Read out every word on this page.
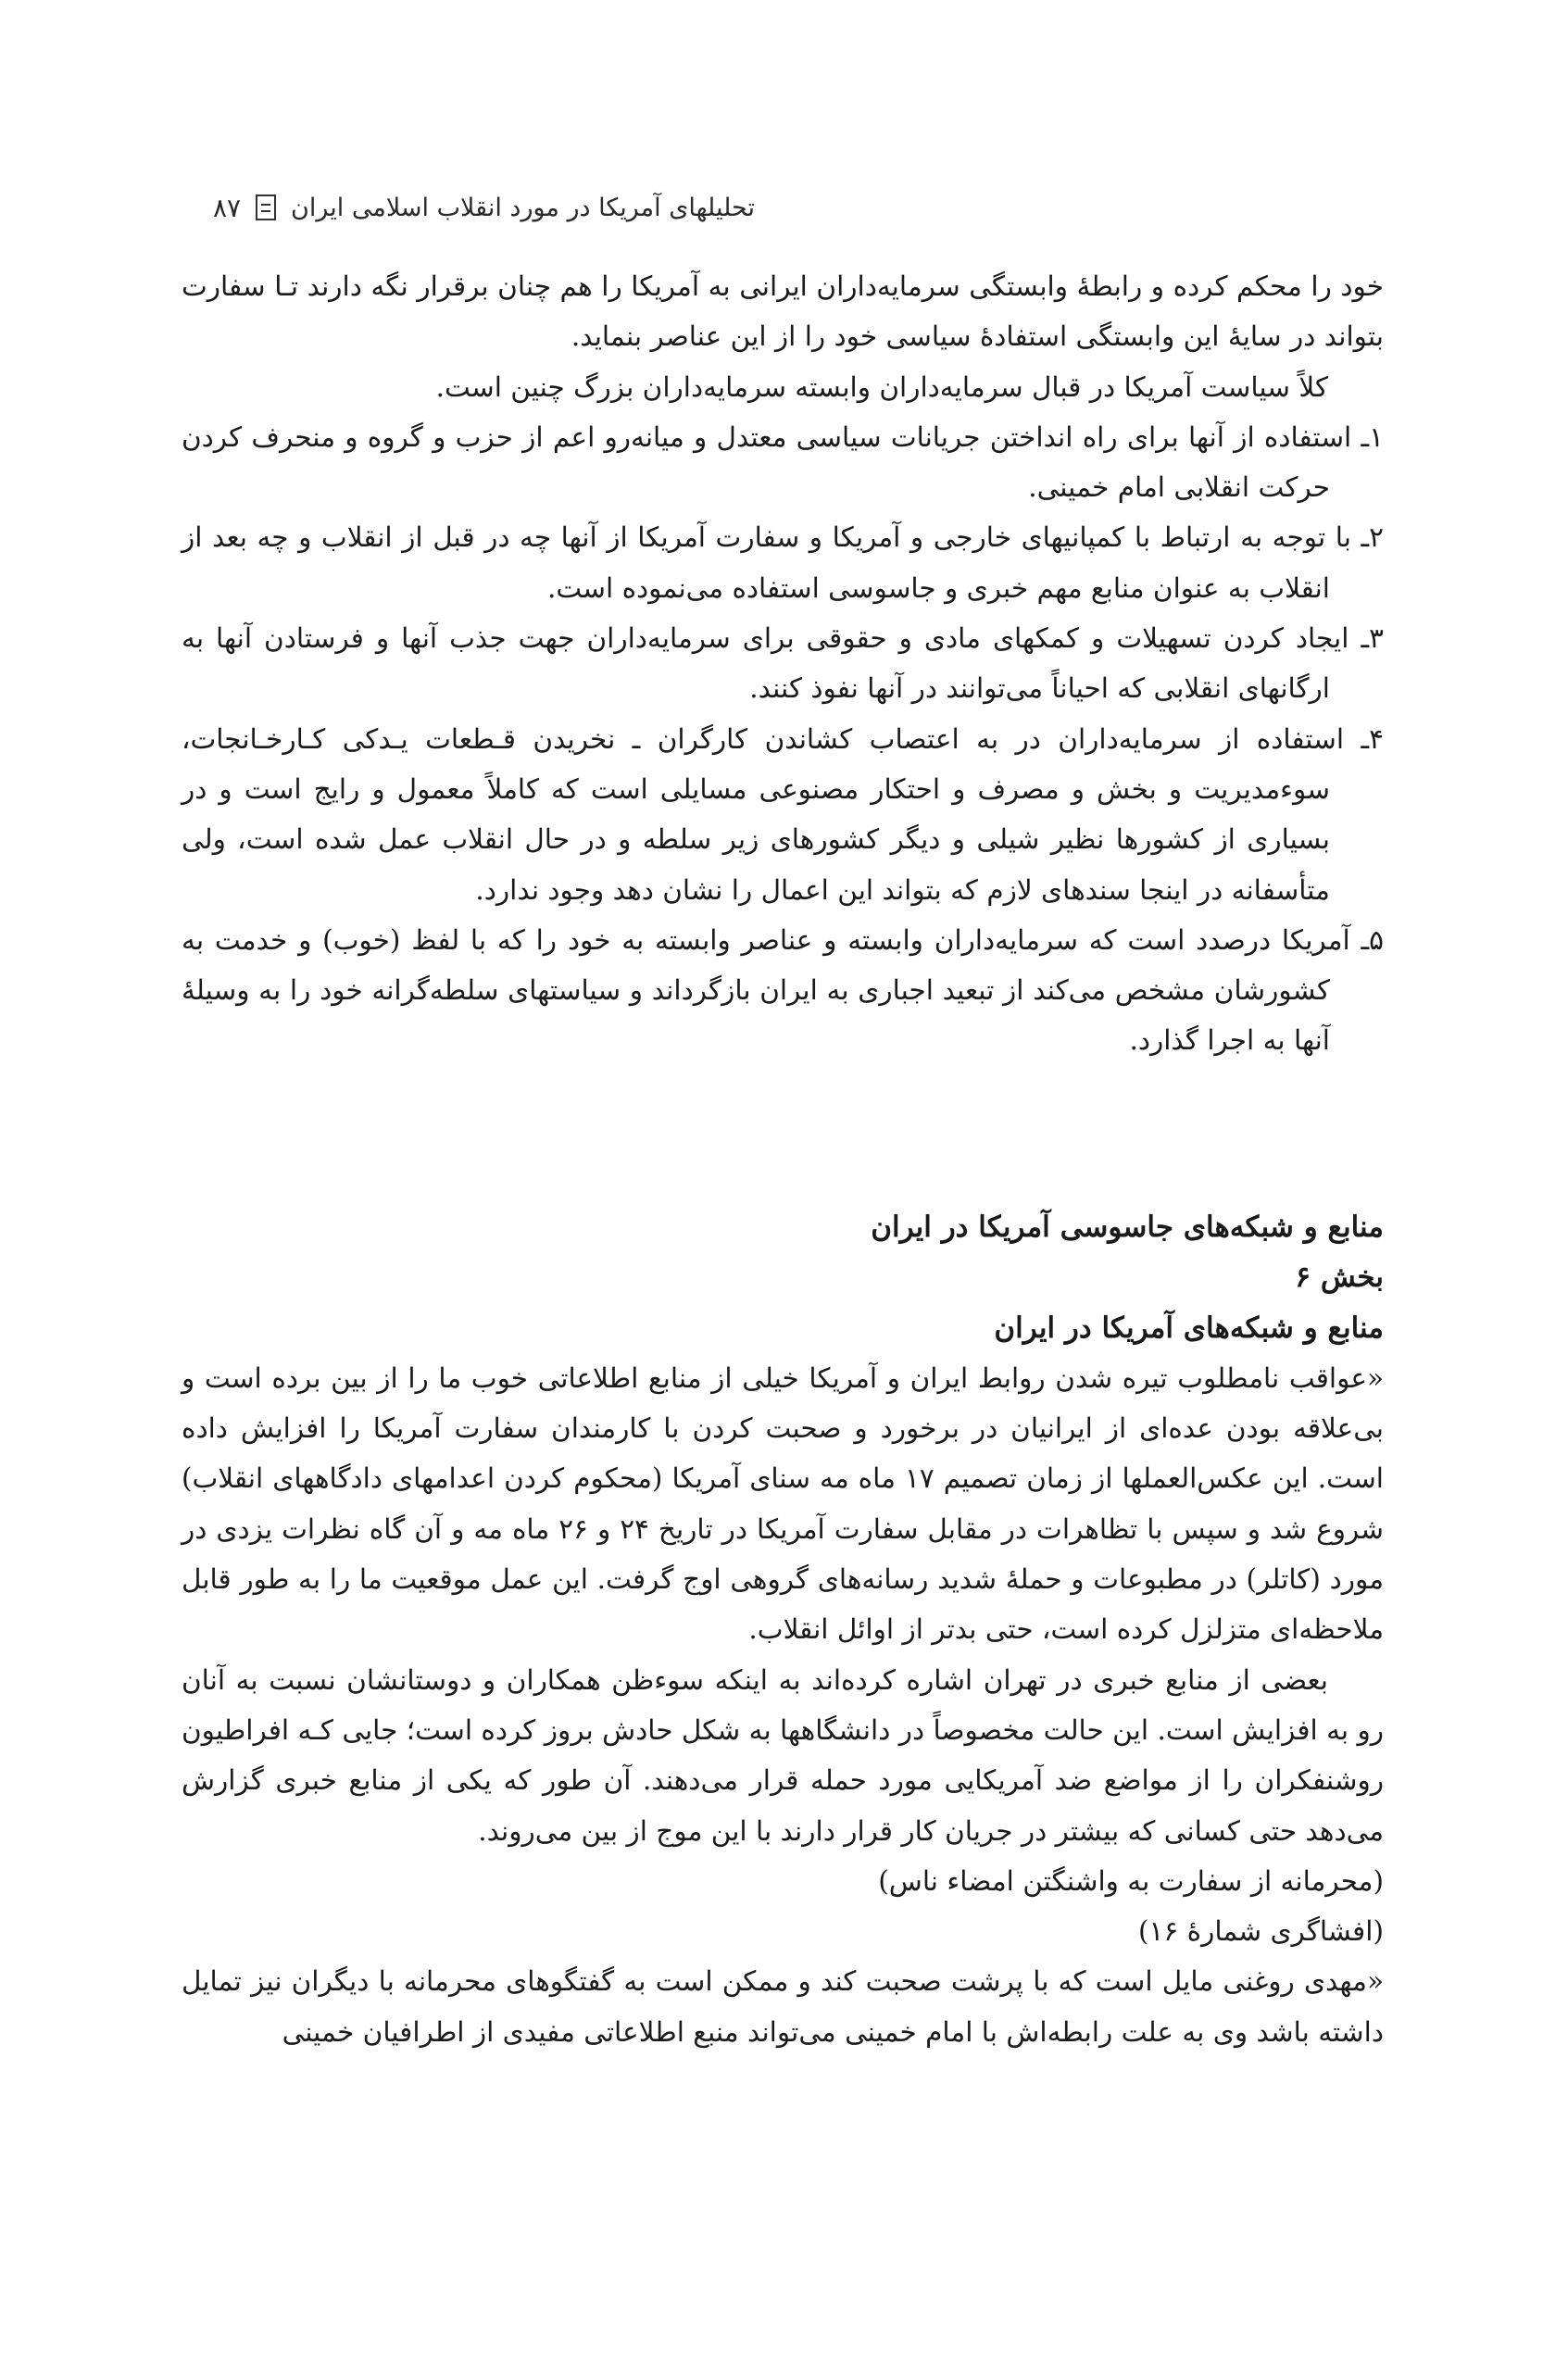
تحلیلهای آمریکا در مورد انقلاب اسلامی ایران
۸۷

خود را محکم کرده و رابطهٔ وابستگی سرمایه‌داران ایرانی به آمریکا را هم چنان برقرار نگه دارند تـا سفارت بتواند در سایهٔ این وابستگی استفادهٔ سیاسی خود را از این عناصر بنماید.

کلاً سیاست آمریکا در قبال سرمایه‌داران وابسته سرمایه‌داران بزرگ چنین است.

۱ـ استفاده از آنها برای راه انداختن جریانات سیاسی معتدل و میانه‌رو اعم از حزب و گروه و منحرف کردن حرکت انقلابی امام خمینی.

۲ـ با توجه به ارتباط با کمپانیهای خارجی و آمریکا و سفارت آمریکا از آنها چه در قبل از انقلاب و چه بعد از انقلاب به عنوان منابع مهم خبری و جاسوسی استفاده می‌نموده است.

۳ـ ایجاد کردن تسهیلات و کمکهای مادی و حقوقی برای سرمایه‌داران جهت جذب آنها و فرستادن آنها به ارگانهای انقلابی که احیاناً می‌توانند در آنها نفوذ کنند.

۴ـ استفاده از سرمایه‌داران در به اعتصاب کشاندن کارگران ـ نخریدن قـطعات یـدکی کـارخـانجات، سوءمدیریت و بخش و مصرف و احتکار مصنوعی مسایلی است که کاملاً معمول و رایج است و در بسیاری از کشورها نظیر شیلی و دیگر کشورهای زیر سلطه و در حال انقلاب عمل شده است، ولی متأسفانه در اینجا سندهای لازم که بتواند این اعمال را نشان دهد وجود ندارد.

۵ـ آمریکا درصدد است که سرمایه‌داران وابسته و عناصر وابسته به خود را که با لفظ (خوب) و خدمت به کشورشان مشخص می‌کند از تبعید اجباری به ایران بازگرداند و سیاستهای سلطه‌گرانه خود را به وسیلهٔ آنها به اجرا گذارد.

منابع و شبکه‌های جاسوسی آمریکا در ایران

بخش ۶

منابع و شبکه‌های آمریکا در ایران

«عواقب نامطلوب تیره شدن روابط ایران و آمریکا خیلی از منابع اطلاعاتی خوب ما را از بین برده است و بی‌علاقه بودن عده‌ای از ایرانیان در برخورد و صحبت کردن با کارمندان سفارت آمریکا را افزایش داده است. این عکس‌العملها از زمان تصمیم ۱۷ ماه مه سنای آمریکا (محکوم کردن اعدامهای دادگاههای انقلاب) شروع شد و سپس با تظاهرات در مقابل سفارت آمریکا در تاریخ ۲۴ و ۲۶ ماه مه و آن گاه نظرات یزدی در مورد (کاتلر) در مطبوعات و حملهٔ شدید رسانه‌های گروهی اوج گرفت. این عمل موقعیت ما را به طور قابل ملاحظه‌ای متزلزل کرده است، حتی بدتر از اوائل انقلاب.

بعضی از منابع خبری در تهران اشاره کرده‌اند به اینکه سوءظن همکاران و دوستانشان نسبت به آنان رو به افزایش است. این حالت مخصوصاً در دانشگاهها به شکل حادش بروز کرده است؛ جایی کـه افراطیون روشنفکران را از مواضع ضد آمریکایی مورد حمله قرار می‌دهند. آن طور که یکی از منابع خبری گزارش می‌دهد حتی کسانی که بیشتر در جریان کار قرار دارند با این موج از بین می‌روند.

(محرمانه از سفارت به واشنگتن امضاء ناس)

(افشاگری شمارهٔ ۱۶)

«مهدی روغنی مایل است که با پرشت صحبت کند و ممکن است به گفتگوهای محرمانه با دیگران نیز تمایل داشته باشد وی به علت رابطه‌اش با امام خمینی می‌تواند منبع اطلاعاتی مفیدی از اطرافیان خمینی
